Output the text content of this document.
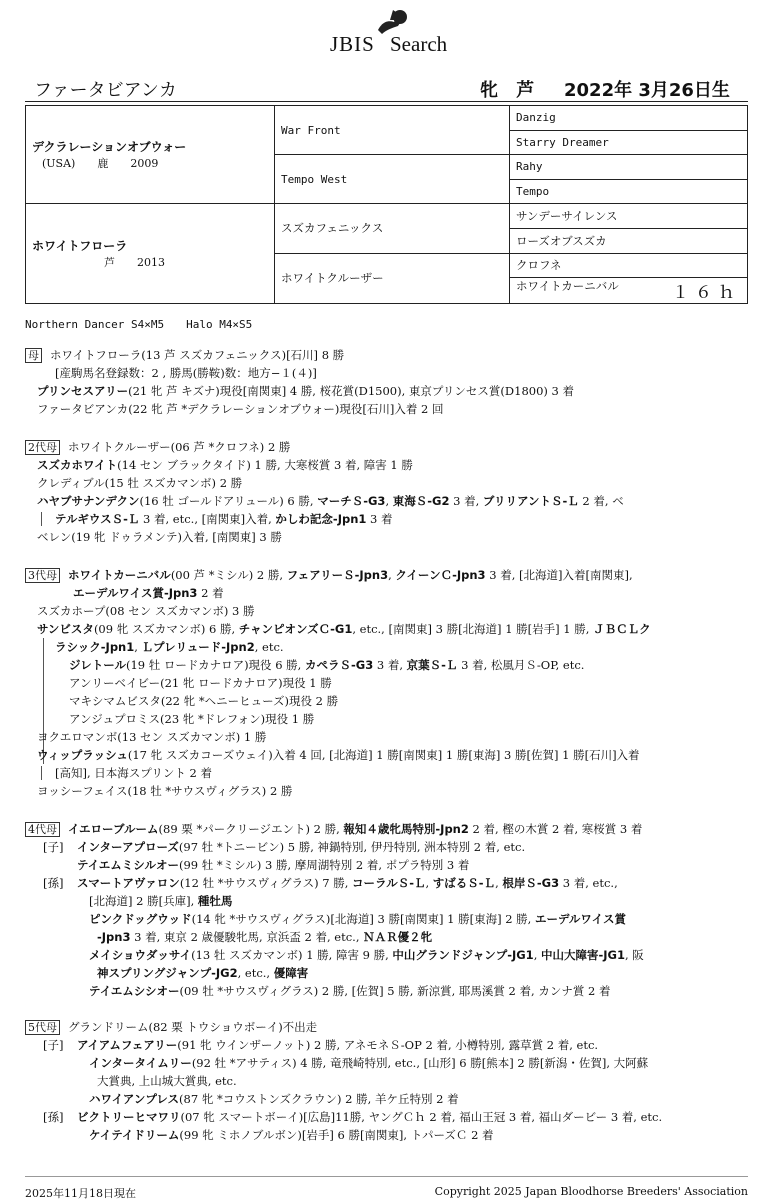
JBIS Search
ファータビアンカ	牝 芦 2022年 3月26日生
デクラレーションオブウォー
(USA) 鹿 2009	War Front	Danzig
		Starry Dreamer
	Tempo West	Rahy
		Tempo

ホワイトフローラ
芦 2013	スズカフェニックス	サンデーサイレンス
		ローズオブスズカ
	ホワイトクルーザー	クロフネ
		ホワイトカーニバル １６ｈ
Northern Dancer S4×M5 Halo M4×S5
母 ホワイトフローラ(13 芦 スズカフェニックス)[石川] 8 勝
[産駒馬名登録数：2 , 勝馬(勝鞍)数：地方−１(４)]
プリンセスアリー(21 牝 芦 キズナ)現役[南関東] 4 勝, 桜花賞(D1500), 東京プリンセス賞(D1800) 3 着
ファータビアンカ(22 牝 芦 *デクラレーションオブウォー)現役[石川]入着 2 回
2代母 ホワイトクルーザー(06 芦 *クロフネ) 2 勝
スズカホワイト(14 セン ブラックタイド) 1 勝, 大寒桜賞 3 着, 障害 1 勝
クレディブル(15 牡 スズカマンボ) 2 勝
ハヤブサナンデクン(16 牡 ゴールドアリュール) 6 勝, マーチＳ-G3, 東海Ｓ-G2 3 着, ブリリアントＳ-Ｌ 2 着, ベ
テルギウスＳ-Ｌ 3 着, etc., [南関東]入着, かしわ記念-Jpn1 3 着
ベレン(19 牝 ドゥラメンテ)入着, [南関東] 3 勝
3代母 ホワイトカーニバル(00 芦 *ミシル) 2 勝, フェアリーＳ-Jpn3, クイーンＣ-Jpn3 3 着, [北海道]入着[南関東],
エーデルワイス賞-Jpn3 2 着
スズカホープ(08 セン スズカマンボ) 3 勝
サンビスタ(09 牝 スズカマンボ) 6 勝, チャンピオンズＣ-G1, etc., [南関東] 3 勝[北海道] 1 勝[岩手] 1 勝, ＪＢＣＬク
ラシック-Jpn1, Ｌプレリュード-Jpn2, etc.
ジレトール(19 牡 ロードカナロア)現役 6 勝, カペラＳ-G3 3 着, 京葉Ｓ-Ｌ 3 着, 松風月Ｓ-OP, etc.
アンリーベイビー(21 牝 ロードカナロア)現役 1 勝
マキシマムビスタ(22 牝 *ヘニーヒューズ)現役 2 勝
アンジュプロミス(23 牝 *ドレフォン)現役 1 勝
ヨクエロマンボ(13 セン スズカマンボ) 1 勝
ウィップラッシュ(17 牝 スズカコーズウェイ)入着 4 回, [北海道] 1 勝[南関東] 1 勝[東海] 3 勝[佐賀] 1 勝[石川]入着
[高知], 日本海スプリント 2 着
ヨッシーフェイス(18 牡 *サウスヴィグラス) 2 勝
4代母 イエローブルーム(89 栗 *パークリージエント) 2 勝, 報知４歳牝馬特別-Jpn2 2 着, 樫の木賞 2 着, 寒桜賞 3 着
[子] インターアプローズ(97 牡 *トニービン) 5 勝, 神鍋特別, 伊丹特別, 洲本特別 2 着, etc.
テイエムミシルオー(99 牡 *ミシル) 3 勝, 摩周湖特別 2 着, ポプラ特別 3 着
[孫] スマートアヴァロン(12 牡 *サウスヴィグラス) 7 勝, コーラルＳ-Ｌ, すばるＳ-Ｌ, 根岸Ｓ-G3 3 着, etc.,
[北海道] 2 勝[兵庫], 種牡馬
ピンクドッグウッド(14 牝 *サウスヴィグラス)[北海道] 3 勝[南関東] 1 勝[東海] 2 勝, エーデルワイス賞
-Jpn3 3 着, 東京 2 歳優駿牝馬, 京浜盃 2 着, etc., ＮＡＲ優２牝
メイショウダッサイ(13 牡 スズカマンボ) 1 勝, 障害 9 勝, 中山グランドジャンプ-JG1, 中山大障害-JG1, 阪
神スプリングジャンプ-JG2, etc., 優障害
テイエムシシオー(09 牡 *サウスヴィグラス) 2 勝, [佐賀] 5 勝, 新涼賞, 耶馬溪賞 2 着, カンナ賞 2 着
5代母 グランドリーム(82 栗 トウショウボーイ)不出走
[子] アイアムフェアリー(91 牝 ウインザーノット) 2 勝, アネモネＳ-OP 2 着, 小樽特別, 露草賞 2 着, etc.
インタータイムリー(92 牡 *アサティス) 4 勝, 竜飛崎特別, etc., [山形] 6 勝[熊本] 2 勝[新潟・佐賀], 大阿蘇
大賞典, 上山城大賞典, etc.
ハワイアンプレス(87 牝 *コウストンズクラウン) 2 勝, 羊ケ丘特別 2 着
[孫] ビクトリーヒマワリ(07 牝 スマートボーイ)[広島]11勝, ヤングＣｈ 2 着, 福山王冠 3 着, 福山ダービー 3 着, etc.
ケイテイドリーム(99 牝 ミホノブルボン)[岩手] 6 勝[南関東], トパーズＣ 2 着
2025年11月18日現在	Copyright 2025 Japan Bloodhorse Breeders' Association
